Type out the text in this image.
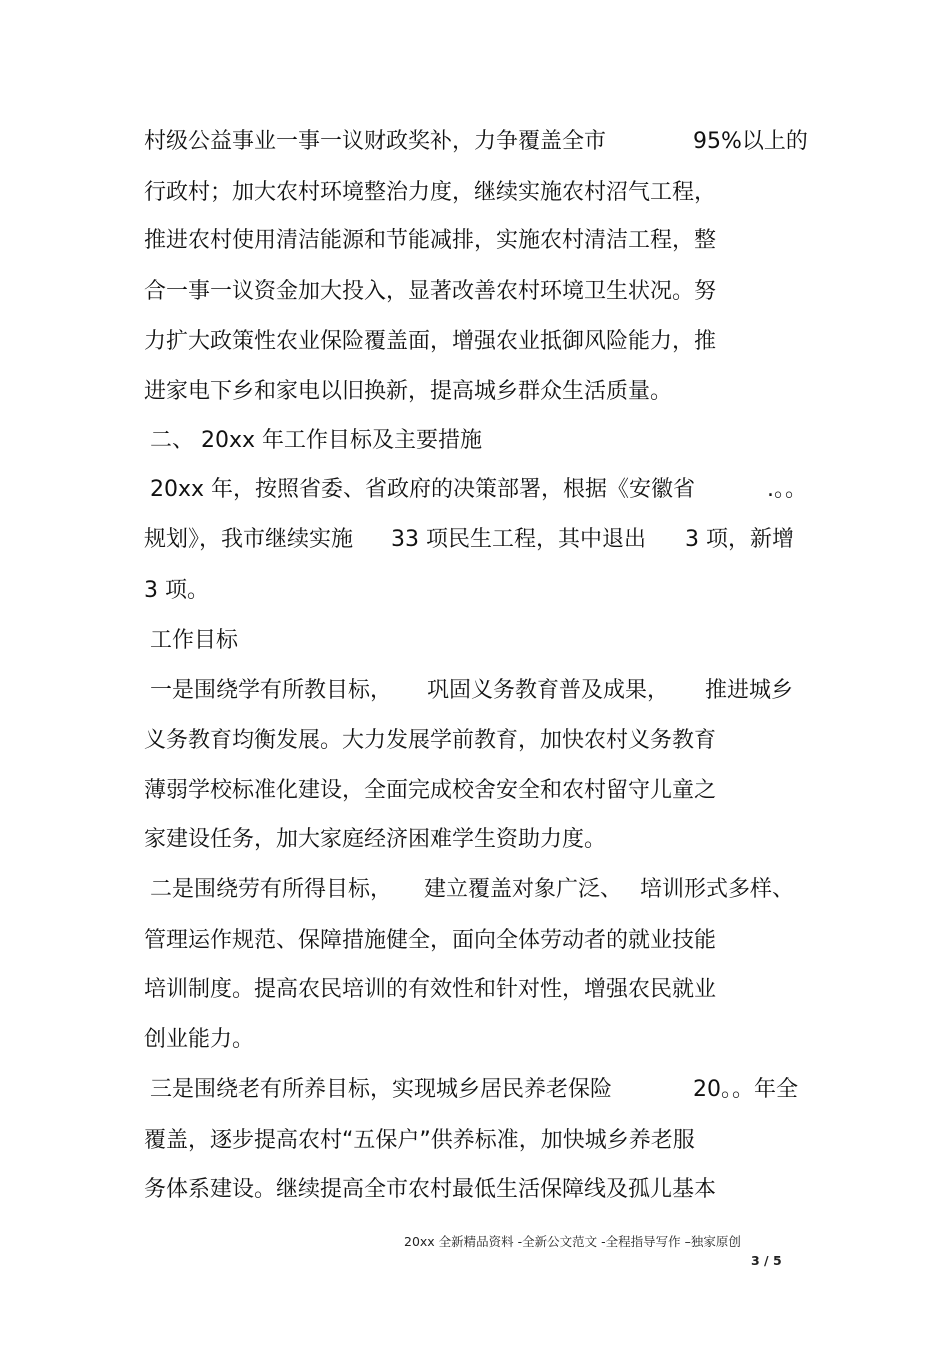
村级公益事业一事一议财政奖补，力争覆盖全市	95%以上的
行政村；加大农村环境整治力度，继续实施农村沼气工程，
推进农村使用清洁能源和节能减排，实施农村清洁工程，整
合一事一议资金加大投入，显著改善农村环境卫生状况。努
力扩大政策性农业保险覆盖面，增强农业抵御风险能力，推
进家电下乡和家电以旧换新，提高城乡群众生活质量。
二、 20xx 年工作目标及主要措施
20xx 年，按照省委、省政府的决策部署，根据《安徽省	.。。
规划》，我市继续实施 33 项民生工程，其中退出 3 项，新增
3 项。
工作目标
一是围绕学有所教目标， 巩固义务教育普及成果， 推进城乡
义务教育均衡发展。大力发展学前教育，加快农村义务教育
薄弱学校标准化建设，全面完成校舍安全和农村留守儿童之
家建设任务，加大家庭经济困难学生资助力度。
二是围绕劳有所得目标， 建立覆盖对象广泛、 培训形式多样、
管理运作规范、保障措施健全，面向全体劳动者的就业技能
培训制度。提高农民培训的有效性和针对性，增强农民就业
创业能力。
三是围绕老有所养目标，实现城乡居民养老保险	20。。年全
覆盖，逐步提高农村“五保户”供养标准，加快城乡养老服
务体系建设。继续提高全市农村最低生活保障线及孤儿基本
20xx 全新精品资料 -全新公文范文 -全程指导写作 –独家原创
3 / 5
